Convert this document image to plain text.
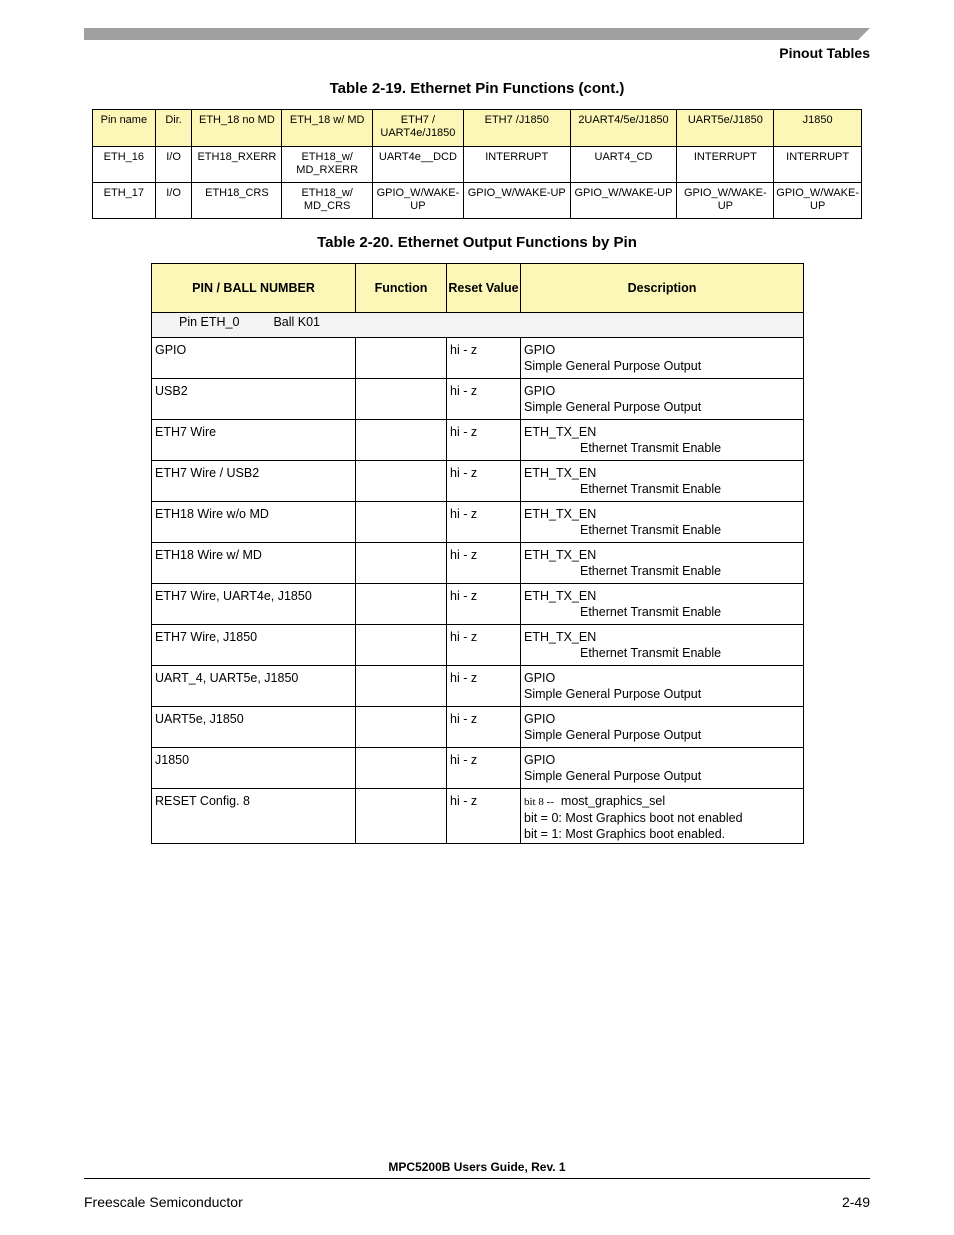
Pinout Tables
Table 2-19. Ethernet Pin Functions (cont.)
Pin name	Dir.	ETH_18 no MD	ETH_18 w/ MD	ETH7 / UART4e/J1850	ETH7 /J1850	2UART4/5e/J1850	UART5e/J1850	J1850
ETH_16	I/O	ETH18_RXERR	ETH18_w/ MD_RXERR	UART4e__DCD	INTERRUPT	UART4_CD	INTERRUPT	INTERRUPT
ETH_17	I/O	ETH18_CRS	ETH18_w/ MD_CRS	GPIO_W/WAKE-UP	GPIO_W/WAKE-UP	GPIO_W/WAKE-UP	GPIO_W/WAKE-UP	GPIO_W/WAKE-UP
Table 2-20. Ethernet Output Functions by Pin
PIN / BALL NUMBER	Function	Reset Value	Description
Pin ETH_0 Ball K01			
GPIO		hi - z	GPIO
Simple General Purpose Output

USB2		hi - z	GPIO
Simple General Purpose Output

ETH7 Wire		hi - z	ETH_TX_EN
Ethernet Transmit Enable

ETH7 Wire / USB2		hi - z	ETH_TX_EN
Ethernet Transmit Enable

ETH18 Wire w/o MD		hi - z	ETH_TX_EN
Ethernet Transmit Enable

ETH18 Wire w/ MD		hi - z	ETH_TX_EN
Ethernet Transmit Enable

ETH7 Wire, UART4e, J1850		hi - z	ETH_TX_EN
Ethernet Transmit Enable

ETH7 Wire, J1850		hi - z	ETH_TX_EN
Ethernet Transmit Enable

UART_4, UART5e, J1850		hi - z	GPIO
Simple General Purpose Output

UART5e, J1850		hi - z	GPIO
Simple General Purpose Output

J1850		hi - z	GPIO
Simple General Purpose Output

RESET Config. 8		hi - z	bit 8 -- most_graphics_sel
bit = 0: Most Graphics boot not enabled
bit = 1: Most Graphics boot enabled.
MPC5200B Users Guide, Rev. 1
Freescale Semiconductor	2-49
